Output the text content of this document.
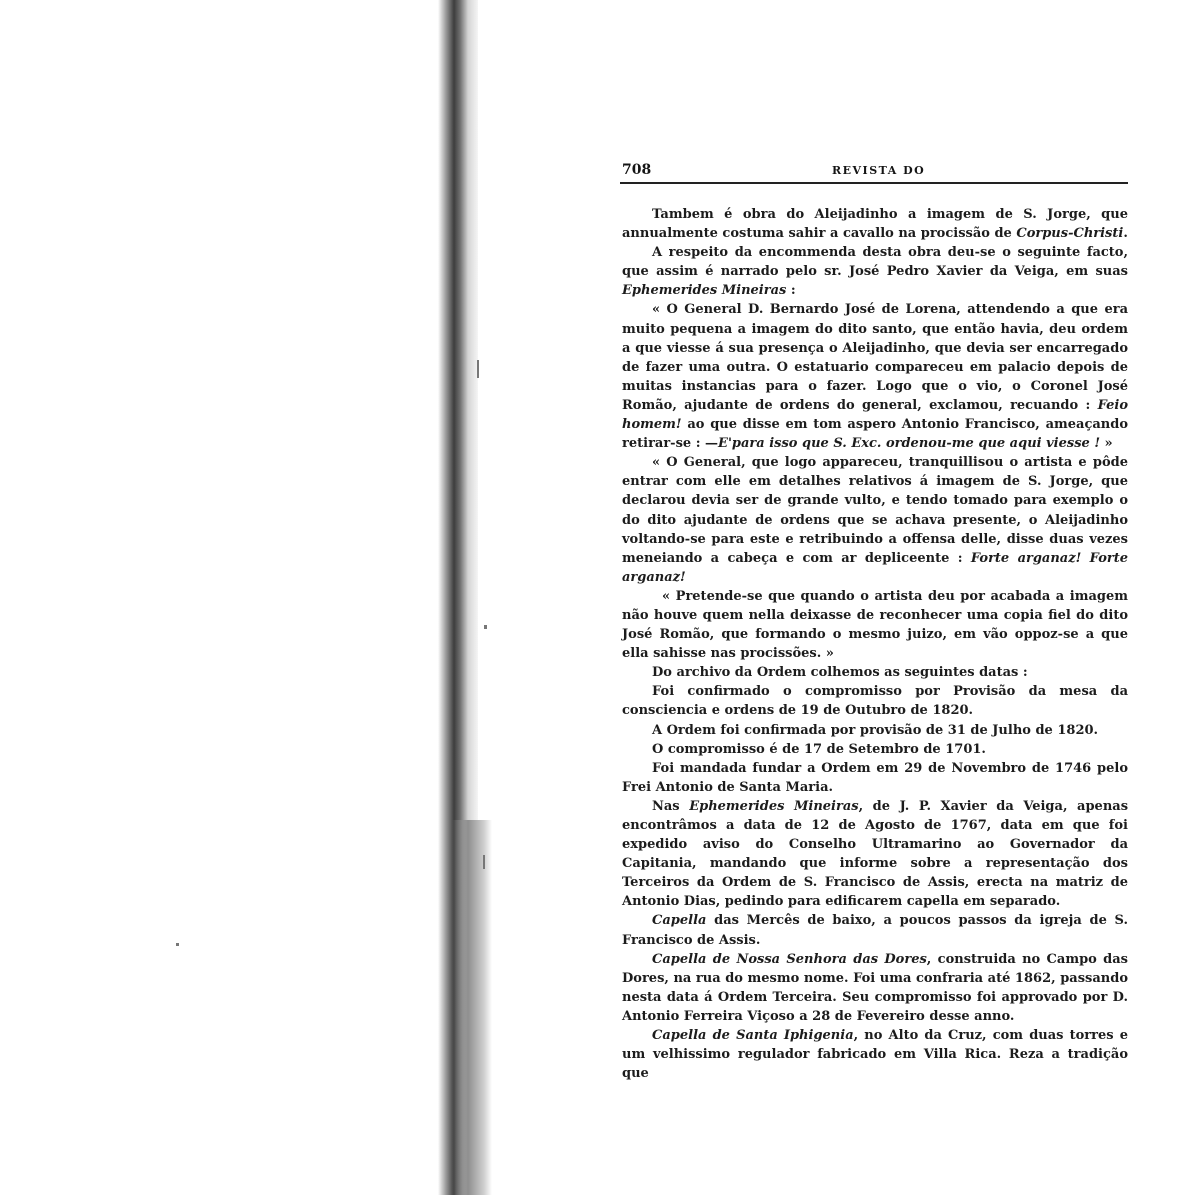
708	REVISTA DO

Tambem é obra do Aleijadinho a imagem de S. Jorge, que annualmente costuma sahir a cavallo na procissão de Corpus-Christi.

A respeito da encommenda desta obra deu-se o seguinte facto, que assim é narrado pelo sr. José Pedro Xavier da Veiga, em suas Ephemerides Mineiras :

« O General D. Bernardo José de Lorena, attendendo a que era muito pequena a imagem do dito santo, que então havia, deu ordem a que viesse á sua presença o Aleijadinho, que devia ser encarregado de fazer uma outra. O estatuario compareceu em palacio depois de muitas instancias para o fazer. Logo que o vio, o Coronel José Romão, ajudante de ordens do general, exclamou, recuando : Feio homem! ao que disse em tom aspero Antonio Francisco, ameaçando retirar-se : —E'para isso que S. Exc. ordenou-me que aqui viesse ! »

« O General, que logo appareceu, tranquillisou o artista e pôde entrar com elle em detalhes relativos á imagem de S. Jorge, que declarou devia ser de grande vulto, e tendo tomado para exemplo o do dito ajudante de ordens que se achava presente, o Aleijadinho voltando-se para este e retribuindo a offensa delle, disse duas vezes meneiando a cabeça e com ar depliceente : Forte arganaz! Forte arganaz!

« Pretende-se que quando o artista deu por acabada a imagem não houve quem nella deixasse de reconhecer uma copia fiel do dito José Romão, que formando o mesmo juizo, em vão oppoz-se a que ella sahisse nas procissões. »

Do archivo da Ordem colhemos as seguintes datas :

Foi confirmado o compromisso por Provisão da mesa da consciencia e ordens de 19 de Outubro de 1820.

A Ordem foi confirmada por provisão de 31 de Julho de 1820.

O compromisso é de 17 de Setembro de 1701.

Foi mandada fundar a Ordem em 29 de Novembro de 1746 pelo Frei Antonio de Santa Maria.

Nas Ephemerides Mineiras, de J. P. Xavier da Veiga, apenas encontrâmos a data de 12 de Agosto de 1767, data em que foi expedido aviso do Conselho Ultramarino ao Governador da Capitania, mandando que informe sobre a representação dos Terceiros da Ordem de S. Francisco de Assis, erecta na matriz de Antonio Dias, pedindo para edificarem capella em separado.

Capella das Mercês de baixo, a poucos passos da igreja de S. Francisco de Assis.

Capella de Nossa Senhora das Dores, construida no Campo das Dores, na rua do mesmo nome. Foi uma confraria até 1862, passando nesta data á Ordem Terceira. Seu compromisso foi approvado por D. Antonio Ferreira Viçoso a 28 de Fevereiro desse anno.

Capella de Santa Iphigenia, no Alto da Cruz, com duas torres e um velhissimo regulador fabricado em Villa Rica. Reza a tradição que
